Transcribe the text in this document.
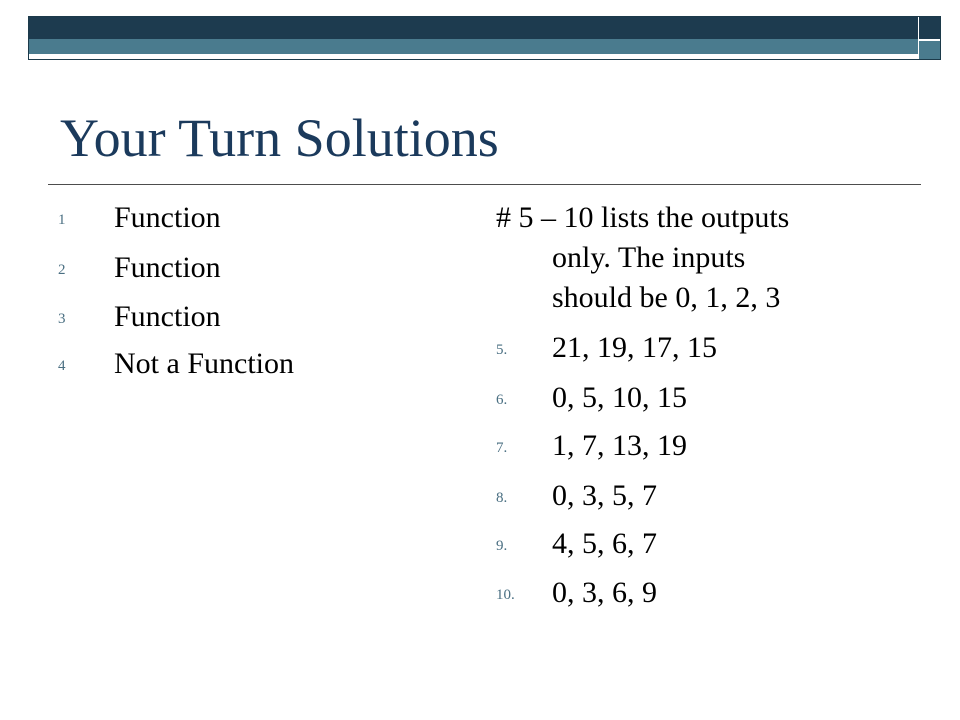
Your Turn Solutions
1 Function
2 Function
3 Function
4 Not a Function
# 5 – 10 lists the outputs
only. The inputs
should be 0, 1, 2, 3
5. 21, 19, 17, 15
6. 0, 5, 10, 15
7. 1, 7, 13, 19
8. 0, 3, 5, 7
9. 4, 5, 6, 7
10. 0, 3, 6, 9
